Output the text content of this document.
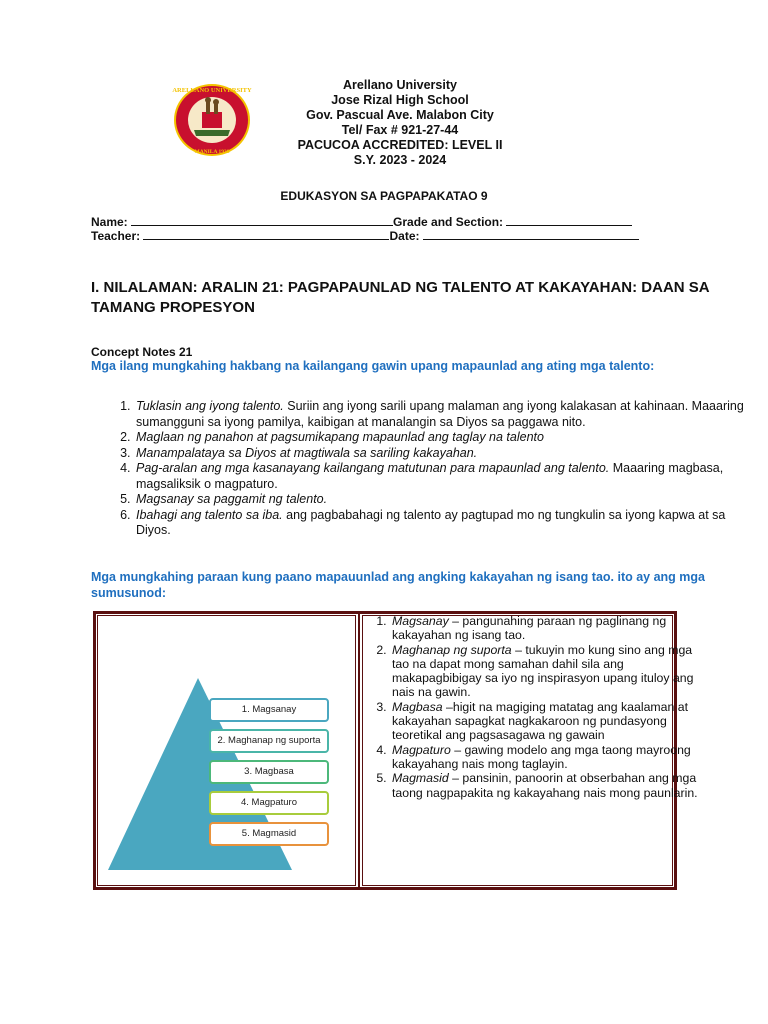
ARELLANO UNIVERSITY
MANILA 1938
Arellano University
Jose Rizal High School
Gov. Pascual Ave. Malabon City
Tel/ Fax # 921-27-44
PACUCOA ACCREDITED: LEVEL II
S.Y. 2023 - 2024
EDUKASYON SA PAGPAPAKATAO 9
Name:	Grade and Section:
Teacher:	Date:
I. NILALAMAN: ARALIN 21: PAGPAPAUNLAD NG TALENTO AT KAKAYAHAN: DAAN SA TAMANG PROPESYON
Concept Notes 21
Mga ilang mungkahing hakbang na kailangang gawin upang mapaunlad ang ating mga talento:
1. Tuklasin ang iyong talento. Suriin ang iyong sarili upang malaman ang iyong kalakasan at kahinaan. Maaaring sumangguni sa iyong pamilya, kaibigan at manalangin sa Diyos sa paggawa nito.
2. Maglaan ng panahon at pagsumikapang mapaunlad ang taglay na talento
3. Manampalataya sa Diyos at magtiwala sa sariling kakayahan.
4. Pag-aralan ang mga kasanayang kailangang matutunan para mapaunlad ang talento. Maaaring magbasa, magsaliksik o magpaturo.
5. Magsanay sa paggamit ng talento.
6. Ibahagi ang talento sa iba. ang pagbabahagi ng talento ay pagtupad mo ng tungkulin sa iyong kapwa at sa Diyos.
Mga mungkahing paraan kung paano mapauunlad ang angking kakayahan ng isang tao. ito ay ang mga sumusunod:
1. Magsanay
2. Maghanap ng suporta
3. Magbasa
4. Magpaturo
5. Magmasid
1. Magsanay – pangunahing paraan ng paglinang ng kakayahan ng isang tao.
2. Maghanap ng suporta – tukuyin mo kung sino ang mga tao na dapat mong samahan dahil sila ang makapagbibigay sa iyo ng inspirasyon upang ituloy ang nais na gawin.
3. Magbasa –higit na magiging matatag ang kaalaman at kakayahan sapagkat nagkakaroon ng pundasyong teoretikal ang pagsasagawa ng gawain
4. Magpaturo – gawing modelo ang mga taong mayroong kakayahang nais mong taglayin.
5. Magmasid – pansinin, panoorin at obserbahan ang mga taong nagpapakita ng kakayahang nais mong paunlarin.
